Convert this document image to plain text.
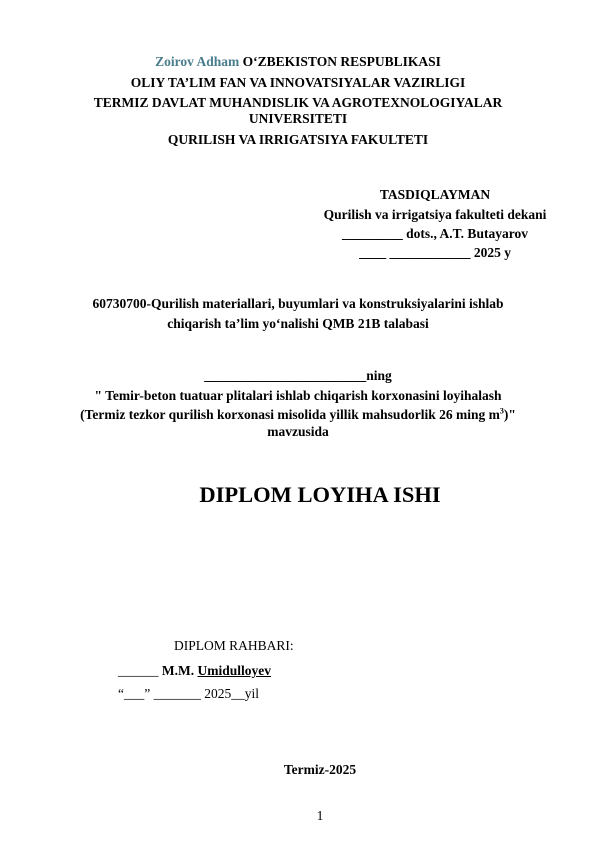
Zoirov Adham O‘ZBEKISTON RESPUBLIKASI
OLIY TA’LIM FAN VA INNOVATSIYALAR VAZIRLIGI
TERMIZ DAVLAT MUHANDISLIK VA AGROTEXNOLOGIYALAR
UNIVERSITETI
QURILISH VA IRRIGATSIYA FAKULTETI
TASDIQLAYMAN
Qurilish va irrigatsiya fakulteti dekani
_________ dots., A.T. Butayarov
____ ____________ 2025 y
60730700-Qurilish materiallari, buyumlari va konstruksiyalarini ishlab
chiqarish ta’lim yo‘nalishi QMB 21B talabasi
________________________ning
" Temir-beton tuatuar plitalari ishlab chiqarish korxonasini loyihalash
(Termiz tezkor qurilish korxonasi misolida yillik mahsudorlik 26 ming $m^3$)"
mavzusida
DIPLOM LOYIHA ISHI
DIPLOM RAHBARI:
______ M.M. Umidulloyev
“___” _______ 2025__yil
Termiz-2025
1
